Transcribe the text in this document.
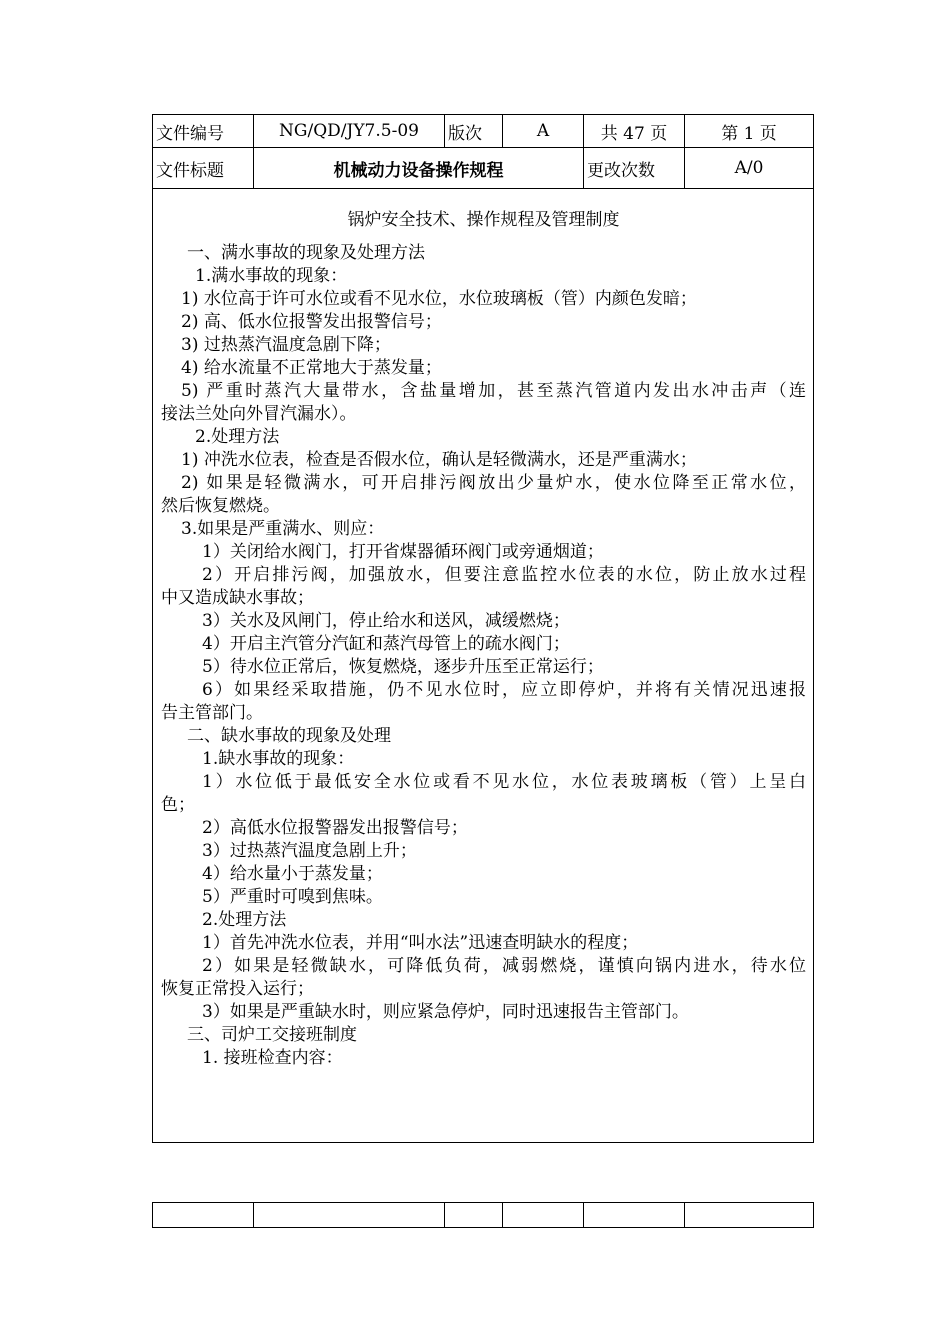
文件编号	NG/QD/JY7.5-09	版次	A	共 47 页	第 1 页
文件标题	机械动力设备操作规程	更改次数	A/0
锅炉安全技术、操作规程及管理制度
一、满水事故的现象及处理方法
1.满水事故的现象：
1) 水位高于许可水位或看不见水位，水位玻璃板（管）内颜色发暗；
2) 高、低水位报警发出报警信号；
3) 过热蒸汽温度急剧下降；
4) 给水流量不正常地大于蒸发量；
5) 严重时蒸汽大量带水，含盐量增加，甚至蒸汽管道内发出水冲击声（连
接法兰处向外冒汽漏水）。
2.处理方法
1) 冲洗水位表，检查是否假水位，确认是轻微满水，还是严重满水；
2) 如果是轻微满水，可开启排污阀放出少量炉水，使水位降至正常水位，
然后恢复燃烧。
3.如果是严重满水、则应：
1）关闭给水阀门，打开省煤器循环阀门或旁通烟道；
2）开启排污阀，加强放水，但要注意监控水位表的水位，防止放水过程
中又造成缺水事故；
3）关水及风闸门，停止给水和送风，减缓燃烧；
4）开启主汽管分汽缸和蒸汽母管上的疏水阀门；
5）待水位正常后，恢复燃烧，逐步升压至正常运行；
6）如果经采取措施，仍不见水位时，应立即停炉，并将有关情况迅速报
告主管部门。
二、缺水事故的现象及处理
1.缺水事故的现象：
1）水位低于最低安全水位或看不见水位，水位表玻璃板（管）上呈白
色；
2）高低水位报警器发出报警信号；
3）过热蒸汽温度急剧上升；
4）给水量小于蒸发量；
5）严重时可嗅到焦味。
2.处理方法
1）首先冲洗水位表，并用“叫水法”迅速查明缺水的程度；
2）如果是轻微缺水，可降低负荷，减弱燃烧，谨慎向锅内进水，待水位
恢复正常投入运行；
3）如果是严重缺水时，则应紧急停炉，同时迅速报告主管部门。
三、司炉工交接班制度
1. 接班检查内容：
